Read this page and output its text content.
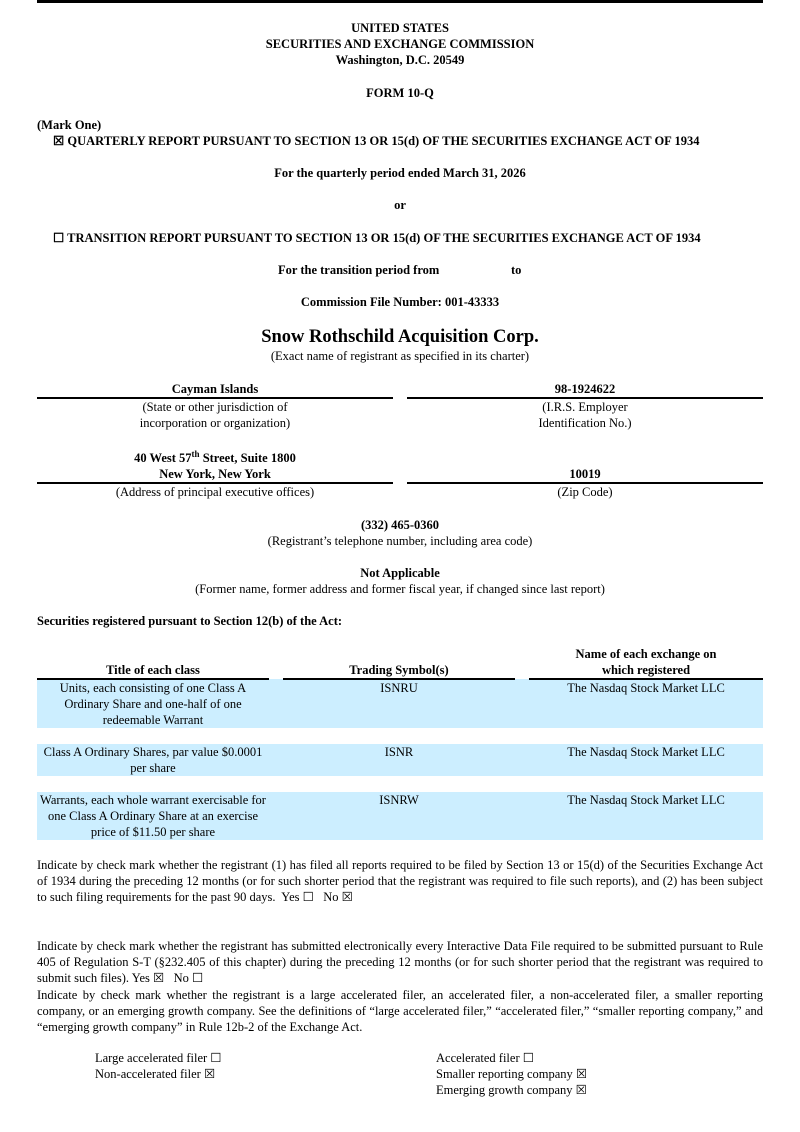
UNITED STATES
SECURITIES AND EXCHANGE COMMISSION
Washington, D.C. 20549
FORM 10-Q
(Mark One)
☒ QUARTERLY REPORT PURSUANT TO SECTION 13 OR 15(d) OF THE SECURITIES EXCHANGE ACT OF 1934
For the quarterly period ended March 31, 2026
or
☐ TRANSITION REPORT PURSUANT TO SECTION 13 OR 15(d) OF THE SECURITIES EXCHANGE ACT OF 1934
For the transition period from	to
Commission File Number: 001-43333
Snow Rothschild Acquisition Corp.
(Exact name of registrant as specified in its charter)
Cayman Islands	98-1924622
(State or other jurisdiction of
incorporation or organization)
(I.R.S. Employer
Identification No.)
40 West 57th Street, Suite 1800
New York, New York	10019
(Address of principal executive offices)	(Zip Code)
(332) 465-0360
(Registrant’s telephone number, including area code)
Not Applicable
(Former name, former address and former fiscal year, if changed since last report)
Securities registered pursuant to Section 12(b) of the Act:
Title of each class		Trading Symbol(s)		Name of each exchange on
which registered

Units, each consisting of one Class A Ordinary Share and one-half of one redeemable Warrant		ISNRU		The Nasdaq Stock Market LLC

Class A Ordinary Shares, par value $0.0001 per share		ISNR		The Nasdaq Stock Market LLC

Warrants, each whole warrant exercisable for one Class A Ordinary Share at an exercise price of $11.50 per share		ISNRW		The Nasdaq Stock Market LLC
Indicate by check mark whether the registrant (1) has filed all reports required to be filed by Section 13 or 15(d) of the Securities Exchange Act of 1934 during the preceding 12 months (or for such shorter period that the registrant was required to file such reports), and (2) has been subject to such filing requirements for the past 90 days. Yes ☐ No ☒
Indicate by check mark whether the registrant has submitted electronically every Interactive Data File required to be submitted pursuant to Rule 405 of Regulation S-T (§232.405 of this chapter) during the preceding 12 months (or for such shorter period that the registrant was required to submit such files). Yes ☒ No ☐
Indicate by check mark whether the registrant is a large accelerated filer, an accelerated filer, a non-accelerated filer, a smaller reporting company, or an emerging growth company. See the definitions of “large accelerated filer,” “accelerated filer,” “smaller reporting company,” and “emerging growth company” in Rule 12b-2 of the Exchange Act.
Large accelerated filer ☐
Non-accelerated filer ☒
Accelerated filer ☐
Smaller reporting company ☒
Emerging growth company ☒
